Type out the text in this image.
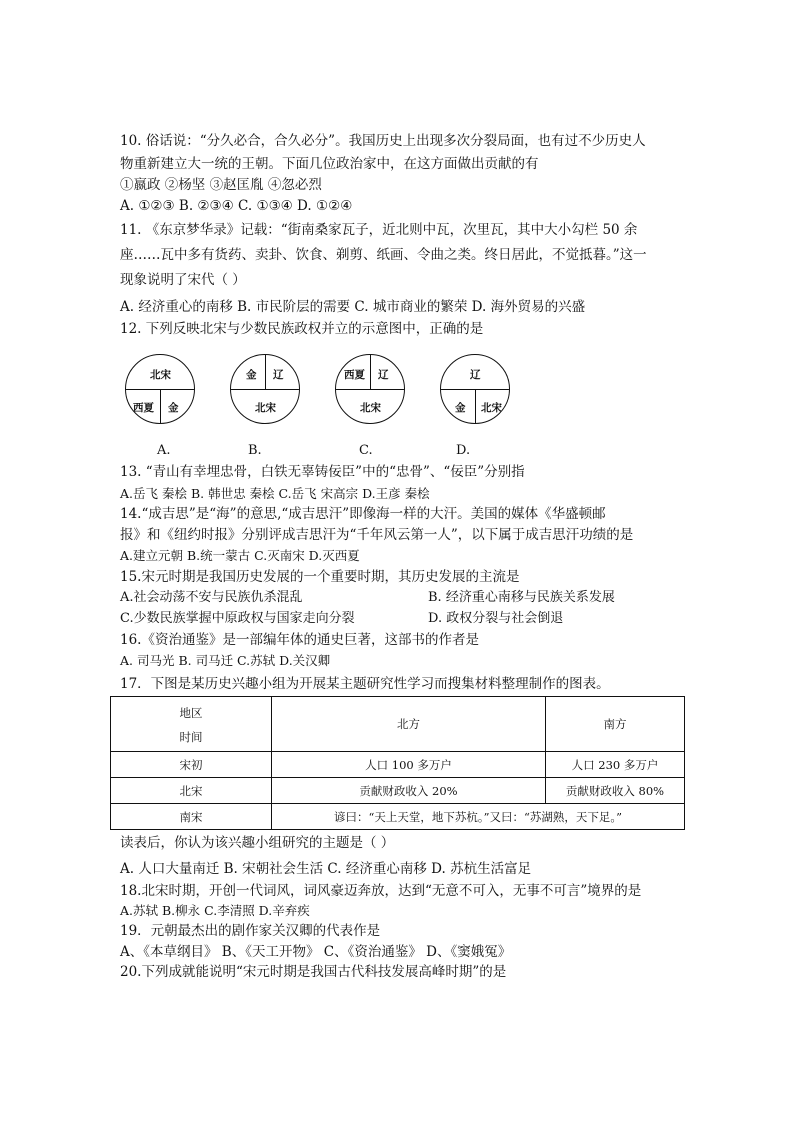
10. 俗话说：“分久必合，合久必分”。我国历史上出现多次分裂局面，也有过不少历史人
物重新建立大一统的王朝。下面几位政治家中，在这方面做出贡献的有
①嬴政 ②杨坚 ③赵匡胤 ④忽必烈
A. ①②③ B. ②③④ C. ①③④ D. ①②④
11. 《东京梦华录》记载：“街南桑家瓦子，近北则中瓦，次里瓦，其中大小勾栏 50 余
座……瓦中多有货药、卖卦、饮食、剃剪、纸画、令曲之类。终日居此，不觉抵暮。”这一
现象说明了宋代（ ）
A. 经济重心的南移 B. 市民阶层的需要 C. 城市商业的繁荣 D. 海外贸易的兴盛
12. 下列反映北宋与少数民族政权并立的示意图中，正确的是
北宋
西夏 金
金 辽
北宋
西夏 辽
北宋
辽
金 北宋
A.	B.	C.	D.
13. “青山有幸埋忠骨，白铁无辜铸佞臣”中的“忠骨”、“佞臣”分别指
A.岳飞 秦桧 B. 韩世忠 秦桧 C.岳飞 宋高宗 D.王彦 秦桧
14.“成吉思”是“海”的意思,“成吉思汗”即像海一样的大汗。美国的媒体《华盛顿邮
报》和《纽约时报》分别评成吉思汗为“千年风云第一人”，以下属于成吉思汗功绩的是
A.建立元朝 B.统一蒙古 C.灭南宋 D.灭西夏
15.宋元时期是我国历史发展的一个重要时期，其历史发展的主流是
A.社会动荡不安与民族仇杀混乱	B. 经济重心南移与民族关系发展
C.少数民族掌握中原政权与国家走向分裂	D. 政权分裂与社会倒退
16.《资治通鉴》是一部编年体的通史巨著，这部书的作者是
A. 司马光 B. 司马迁 C.苏轼 D.关汉卿
17．下图是某历史兴趣小组为开展某主题研究性学习而搜集材料整理制作的图表。
地区
时间	北方	南方
宋初	人口 100 多万户	人口 230 多万户
北宋	贡献财政收入 20%	贡献财政收入 80%
南宋	谚曰：“天上天堂，地下苏杭。”又曰：“苏湖熟，天下足。”	
读表后，你认为该兴趣小组研究的主题是（ ）
A. 人口大量南迁 B. 宋朝社会生活 C. 经济重心南移 D. 苏杭生活富足
18.北宋时期，开创一代词风，词风豪迈奔放，达到“无意不可入，无事不可言”境界的是
A.苏轼 B.柳永 C.李清照 D.辛弃疾
19．元朝最杰出的剧作家关汉卿的代表作是
A、《本草纲目》 B、《天工开物》 C、《资治通鉴》 D、《窦娥冤》
20.下列成就能说明“宋元时期是我国古代科技发展高峰时期”的是
